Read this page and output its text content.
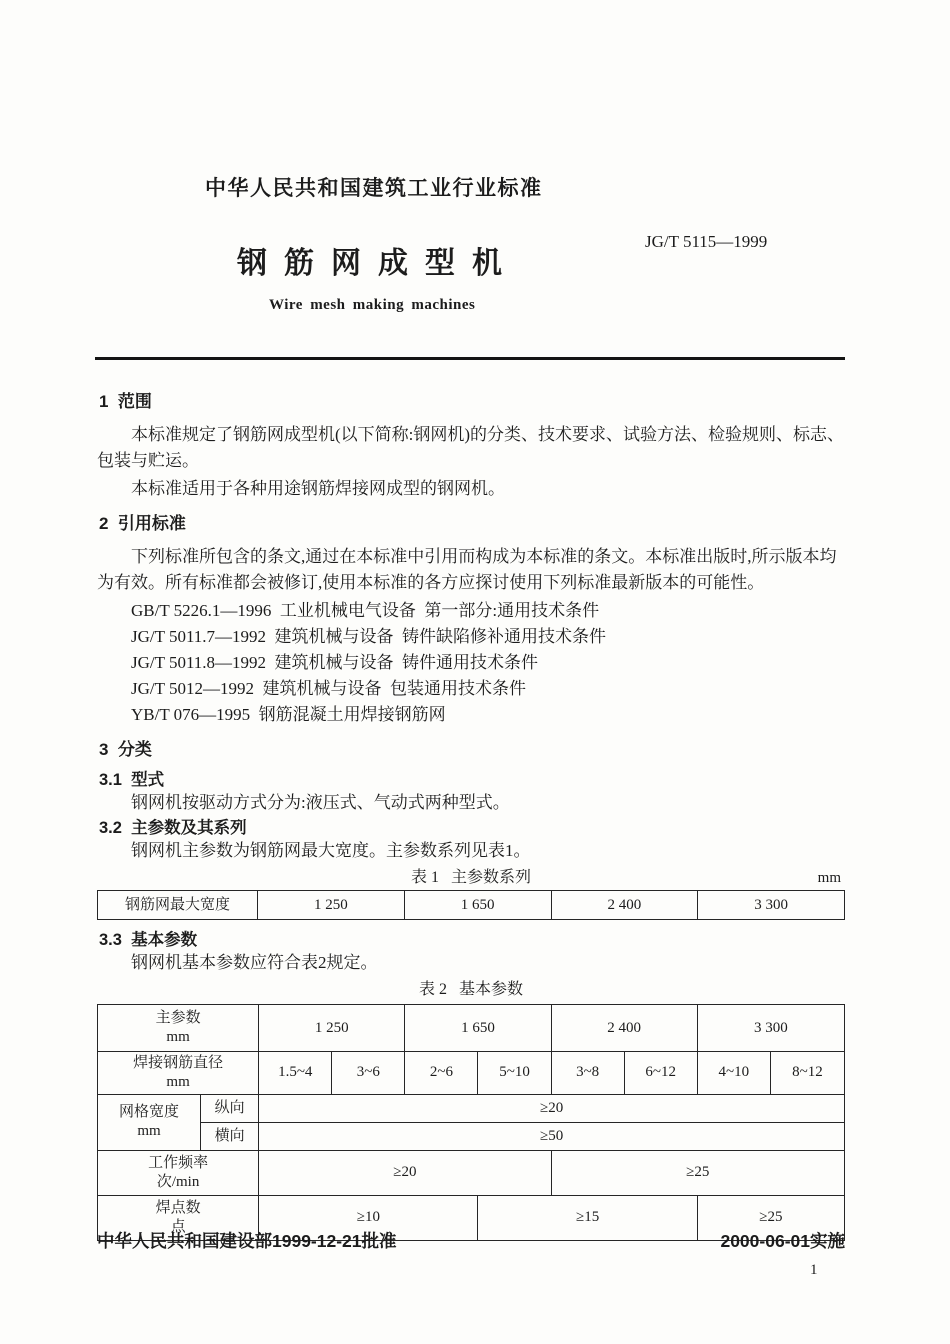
中华人民共和国建筑工业行业标准
钢筋网成型机
JG/T 5115—1999
Wire mesh making machines
1  范围

本标准规定了钢筋网成型机(以下简称:钢网机)的分类、技术要求、试验方法、检验规则、标志、包装与贮运。

本标准适用于各种用途钢筋焊接网成型的钢网机。

2  引用标准

下列标准所包含的条文,通过在本标准中引用而构成为本标准的条文。本标准出版时,所示版本均为有效。所有标准都会被修订,使用本标准的各方应探讨使用下列标准最新版本的可能性。

GB/T 5226.1—1996  工业机械电气设备  第一部分:通用技术条件
JG/T 5011.7—1992  建筑机械与设备  铸件缺陷修补通用技术条件
JG/T 5011.8—1992  建筑机械与设备  铸件通用技术条件
JG/T 5012—1992  建筑机械与设备  包装通用技术条件
YB/T 076—1995  钢筋混凝土用焊接钢筋网
3  分类
3.1  型式

钢网机按驱动方式分为:液压式、气动式两种型式。

3.2  主参数及其系列

钢网机主参数为钢筋网最大宽度。主参数系列见表1。

表 1   主参数系列	mm
钢筋网最大宽度	1 250	1 650	2 400	3 300
3.3  基本参数

钢网机基本参数应符合表2规定。

表 2   基本参数
主参数
mm		1 250		1 650		2 400		3 300	

焊接钢筋直径
mm		1.5~4	3~6	2~6	5~10	3~8	6~12	4~10	8~12

网格宽度
mm	纵向	≥20							
	横向	≥50							

工作频率
次/min		≥20				≥25			

焊点数
点		≥10			≥15			≥25	
中华人民共和国建设部1999-12-21批准	2000-06-01实施
1
